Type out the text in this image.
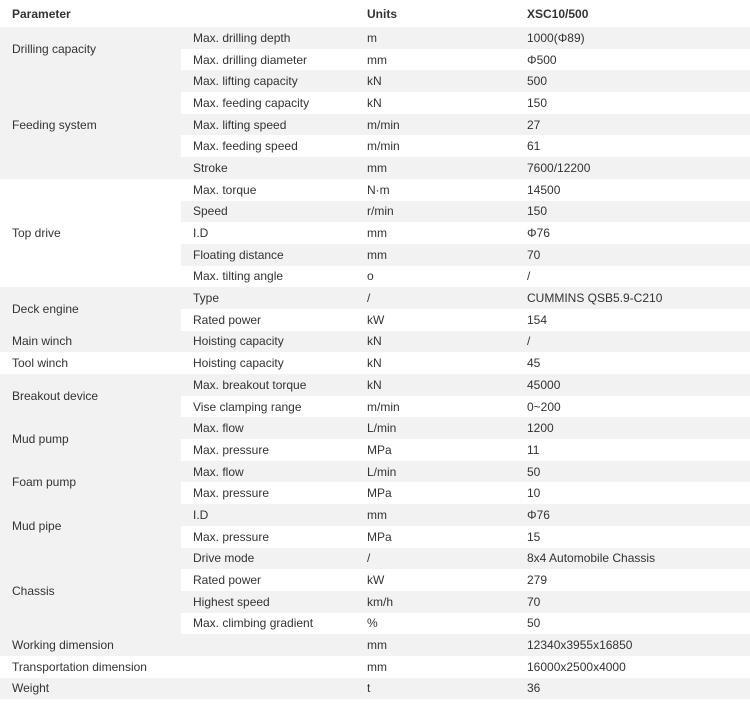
Parameter		Units	XSC10/500
Drilling capacity	Max. drilling depth	m	1000(Φ89)
	Max. drilling diameter	mm	Φ500
Feeding system	Max. lifting capacity	kN	500
	Max. feeding capacity	kN	150
	Max. lifting speed	m/min	27
	Max. feeding speed	m/min	61
	Stroke	mm	7600/12200
Top drive	Max. torque	N·m	14500
	Speed	r/min	150
	I.D	mm	Φ76
	Floating distance	mm	70
	Max. tilting angle	o	/
Deck engine	Type	/	CUMMINS QSB5.9-C210
	Rated power	kW	154
Main winch	Hoisting capacity	kN	/
Tool winch	Hoisting capacity	kN	45
Breakout device	Max. breakout torque	kN	45000
	Vise clamping range	m/min	0~200
Mud pump	Max. flow	L/min	1200
	Max. pressure	MPa	11
Foam pump	Max. flow	L/min	50
	Max. pressure	MPa	10
Mud pipe	I.D	mm	Φ76
	Max. pressure	MPa	15
Chassis	Drive mode	/	8x4 Automobile Chassis
	Rated power	kW	279
	Highest speed	km/h	70
	Max. climbing gradient	%	50
Working dimension		mm	12340x3955x16850
Transportation dimension		mm	16000x2500x4000
Weight		t	36
